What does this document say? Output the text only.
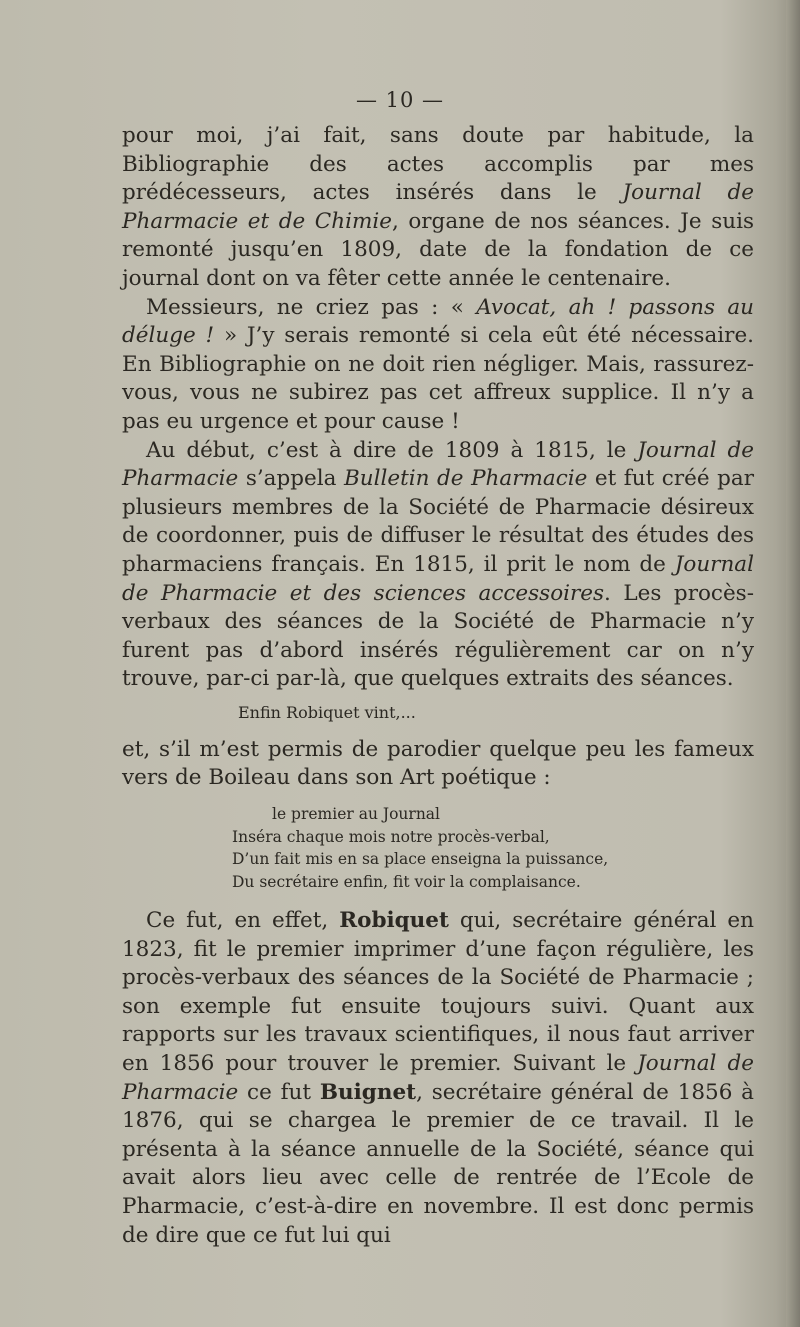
— 10 —

pour moi, j’ai fait, sans doute par habitude, la Bibliographie des actes accomplis par mes prédécesseurs, actes insérés dans le Journal de Pharmacie et de Chimie, organe de nos séances. Je suis remonté jusqu’en 1809, date de la fondation de ce journal dont on va fêter cette année le centenaire.

Messieurs, ne criez pas : « Avocat, ah ! passons au déluge ! » J’y serais remonté si cela eût été nécessaire. En Bibliographie on ne doit rien négliger. Mais, rassurez-vous, vous ne subirez pas cet affreux supplice. Il n’y a pas eu urgence et pour cause !

Au début, c’est à dire de 1809 à 1815, le Journal de Pharmacie s’appela Bulletin de Pharmacie et fut créé par plusieurs membres de la Société de Pharmacie désireux de coordonner, puis de diffuser le résultat des études des pharmaciens français. En 1815, il prit le nom de Journal de Pharmacie et des sciences accessoires. Les procès-verbaux des séances de la Société de Pharmacie n’y furent pas d’abord insérés régulièrement car on n’y trouve, par-ci par-là, que quelques extraits des séances.

Enfin Robiquet vint,...

et, s’il m’est permis de parodier quelque peu les fameux vers de Boileau dans son Art poétique :

le premier au Journal
Inséra chaque mois notre procès-verbal,
D’un fait mis en sa place enseigna la puissance,
Du secrétaire enfin, fit voir la complaisance.

Ce fut, en effet, Robiquet qui, secrétaire général en 1823, fit le premier imprimer d’une façon régulière, les procès-verbaux des séances de la Société de Pharmacie ; son exemple fut ensuite toujours suivi. Quant aux rapports sur les travaux scientifiques, il nous faut arriver en 1856 pour trouver le premier. Suivant le Journal de Pharmacie ce fut Buignet, secrétaire général de 1856 à 1876, qui se chargea le premier de ce travail. Il le présenta à la séance annuelle de la Société, séance qui avait alors lieu avec celle de rentrée de l’Ecole de Pharmacie, c’est-à-dire en novembre. Il est donc permis de dire que ce fut lui qui
